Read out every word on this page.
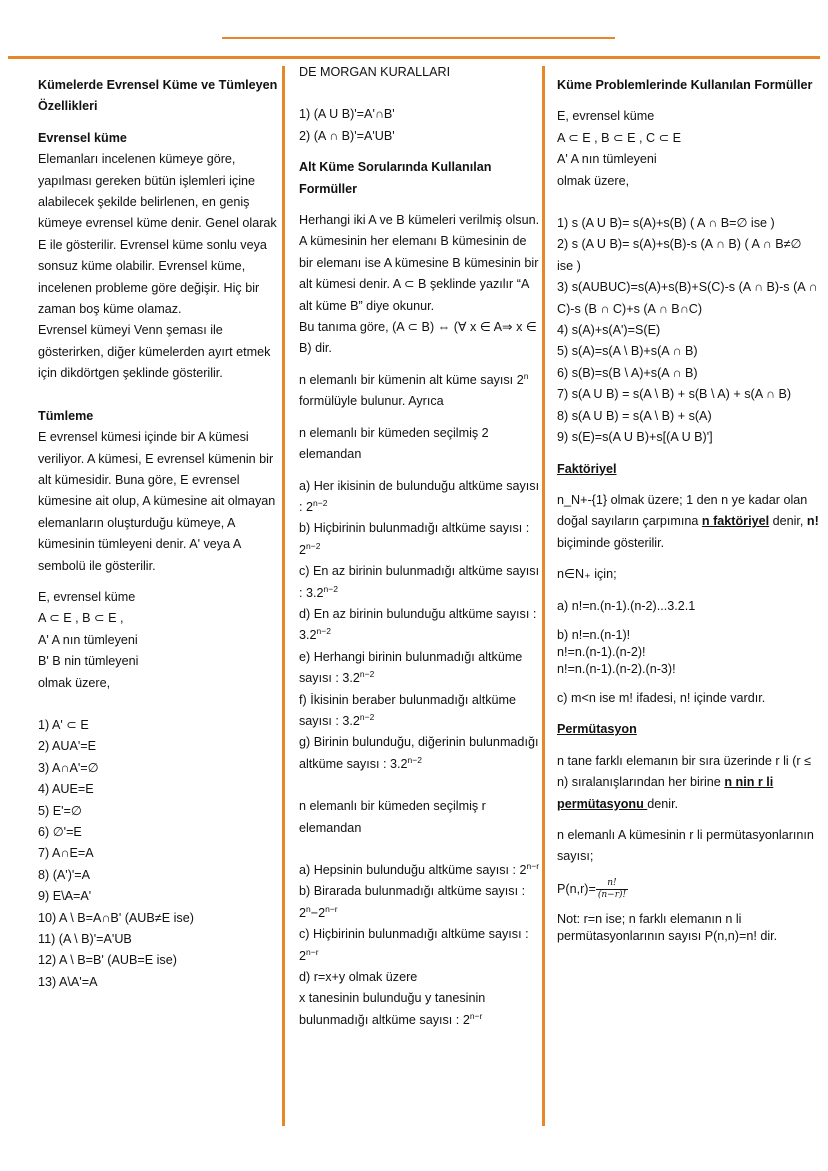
Kümelerde Evrensel Küme ve Tümleyen Özellikleri

Evrensel küme

Elemanları incelenen kümeye göre, yapılması gereken bütün işlemleri içine alabilecek şekilde belirlenen, en geniş kümeye evrensel küme denir. Genel olarak E ile gösterilir. Evrensel küme sonlu veya sonsuz küme olabilir. Evrensel küme, incelenen probleme göre değişir. Hiç bir zaman boş küme olamaz.

Evrensel kümeyi Venn şeması ile gösterirken, diğer kümelerden ayırt etmek için dikdörtgen şeklinde gösterilir.

Tümleme

E evrensel kümesi içinde bir A kümesi veriliyor. A kümesi, E evrensel kümenin bir alt kümesidir. Buna göre, E evrensel kümesine ait olup, A kümesine ait olmayan elemanların oluşturduğu kümeye, A kümesinin tümleyeni denir. A' veya A sembolü ile gösterilir.

E, evrensel küme

A ⊂ E , B ⊂ E ,

A' A nın tümleyeni

B' B nin tümleyeni

olmak üzere,

1) A' ⊂ E

2) AUA'=E

3) A∩A'=∅

4) AUE=E

5) E'=∅

6) ∅'=E

7) A∩E=A

8) (A')'=A

9) E\A=A'

10) A \ B=A∩B' (AUB≠E ise)

11) (A \ B)'=A'UB

12) A \ B=B' (AUB=E ise)

13) A\A'=A

DE MORGAN KURALLARI

1) (A U B)'=A'∩B'

2) (A ∩ B)'=A'UB'

Alt Küme Sorularında Kullanılan Formüller

Herhangi iki A ve B kümeleri verilmiş olsun. A kümesinin her elemanı B kümesinin de bir elemanı ise A kümesine B kümesinin bir alt kümesi denir. A ⊂ B şeklinde yazılır “A alt küme B” diye okunur.

Bu tanıma göre, (A ⊂ B) ⇔ (∀ x ∈ A⇒ x ∈ B) dir.

n elemanlı bir kümenin alt küme sayısı 2$^n$ formülüyle bulunur. Ayrıca

n elemanlı bir kümeden seçilmiş 2 elemandan

a) Her ikisinin de bulunduğu altküme sayısı : $2^{n-2}$

b) Hiçbirinin bulunmadığı altküme sayısı : $2^{n-2}$

c) En az birinin bulunmadığı altküme sayısı : $3.2^{n-2}$

d) En az birinin bulunduğu altküme sayısı : $3.2^{n-2}$

e) Herhangi birinin bulunmadığı altküme sayısı : $3.2^{n-2}$

f) İkisinin beraber bulunmadığı altküme sayısı : $3.2^{n-2}$

g) Birinin bulunduğu, diğerinin bulunmadığı altküme sayısı : $3.2^{n-2}$

n elemanlı bir kümeden seçilmiş r elemandan

a) Hepsinin bulunduğu altküme sayısı : $2^{n-r}$

b) Birarada bulunmadığı altküme sayısı : $2^n-2^{n-r}$

c) Hiçbirinin bulunmadığı altküme sayısı : $2^{n-r}$

d) r=x+y olmak üzere

x tanesinin bulunduğu y tanesinin bulunmadığı altküme sayısı : $2^{n-r}$

Küme Problemlerinde Kullanılan Formüller

E, evrensel küme

A ⊂ E , B ⊂ E , C ⊂ E

A' A nın tümleyeni

olmak üzere,

1) s (A U B)= s(A)+s(B) ( A ∩ B=∅ ise )

2) s (A U B)= s(A)+s(B)-s (A ∩ B) ( A ∩ B≠∅ ise )

3) s(AUBUC)=s(A)+s(B)+S(C)-s (A ∩ B)-s (A ∩ C)-s (B ∩ C)+s (A ∩ B∩C)

4) s(A)+s(A')=S(E)

5) s(A)=s(A \ B)+s(A ∩ B)

6) s(B)=s(B \ A)+s(A ∩ B)

7) s(A U B) = s(A \ B) + s(B \ A) + s(A ∩ B)

8) s(A U B) = s(A \ B) + s(A)

9) s(E)=s(A U B)+s[(A U B)']

Faktöriyel

n_N+-{1} olmak üzere; 1 den n ye kadar olan doğal sayıların çarpımına n faktöriyel denir, n! biçiminde gösterilir.

n∈N₊ için;

a) n!=n.(n-1).(n-2)...3.2.1

b) n!=n.(n-1)!

n!=n.(n-1).(n-2)!

n!=n.(n-1).(n-2).(n-3)!

c) m<n ise m! ifadesi, n! içinde vardır.

Permütasyon

n tane farklı elemanın bir sıra üzerinde r li (r ≤ n) sıralanışlarından her birine n nin r li permütasyonu denir.

n elemanlı A kümesinin r li permütasyonlarının sayısı;

$P(n,r)= \frac{n!}{(n-r)!}$

Not: r=n ise; n farklı elemanın n li permütasyonlarının sayısı P(n,n)=n! dir.
